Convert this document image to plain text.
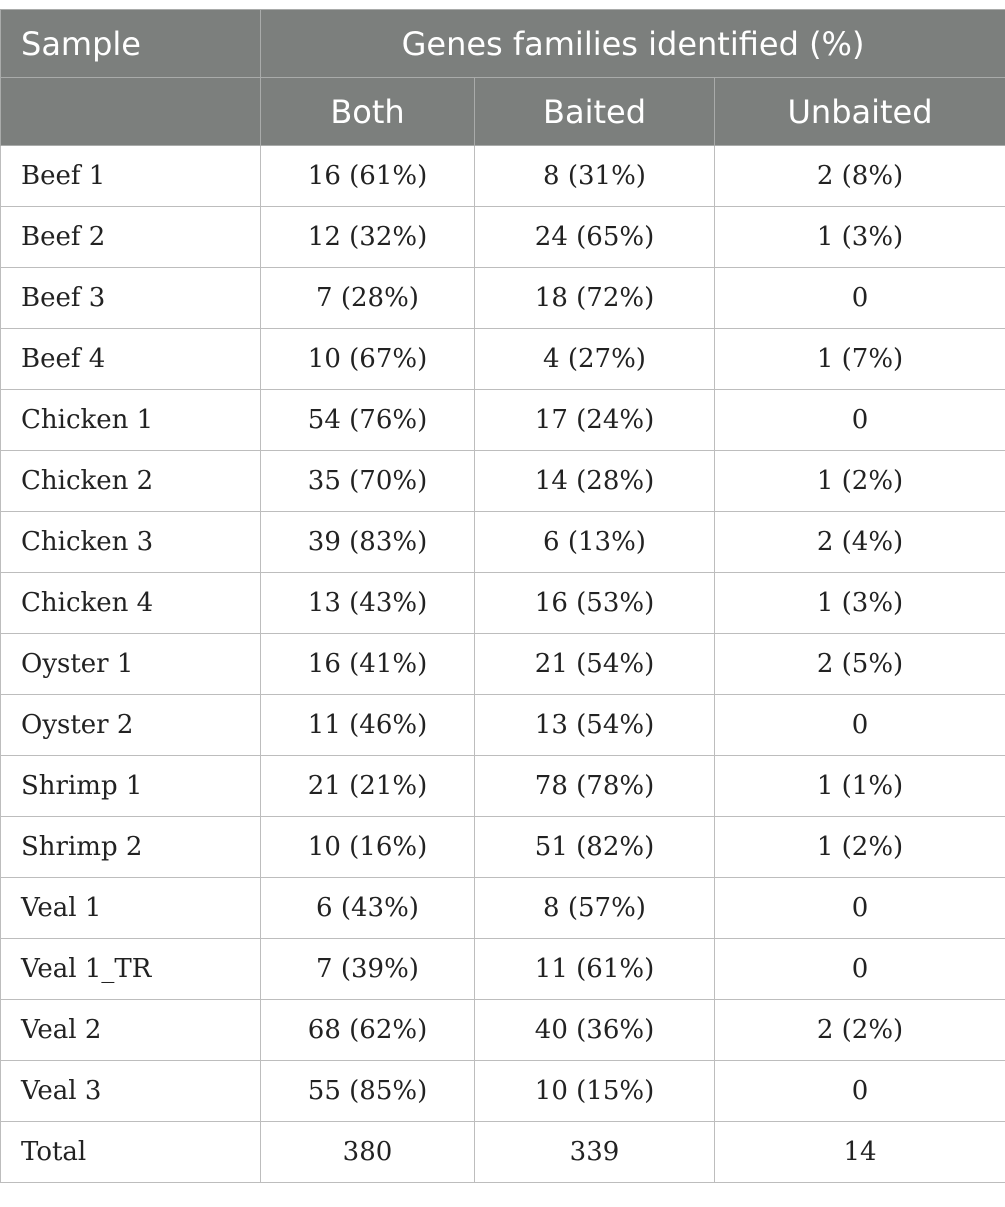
Sample	Genes families identified (%)		
	Both	Baited	Unbaited
Beef 1	16 (61%)	8 (31%)	2 (8%)
Beef 2	12 (32%)	24 (65%)	1 (3%)
Beef 3	7 (28%)	18 (72%)	0
Beef 4	10 (67%)	4 (27%)	1 (7%)
Chicken 1	54 (76%)	17 (24%)	0
Chicken 2	35 (70%)	14 (28%)	1 (2%)
Chicken 3	39 (83%)	6 (13%)	2 (4%)
Chicken 4	13 (43%)	16 (53%)	1 (3%)
Oyster 1	16 (41%)	21 (54%)	2 (5%)
Oyster 2	11 (46%)	13 (54%)	0
Shrimp 1	21 (21%)	78 (78%)	1 (1%)
Shrimp 2	10 (16%)	51 (82%)	1 (2%)
Veal 1	6 (43%)	8 (57%)	0
Veal 1_TR	7 (39%)	11 (61%)	0
Veal 2	68 (62%)	40 (36%)	2 (2%)
Veal 3	55 (85%)	10 (15%)	0
Total	380	339	14
